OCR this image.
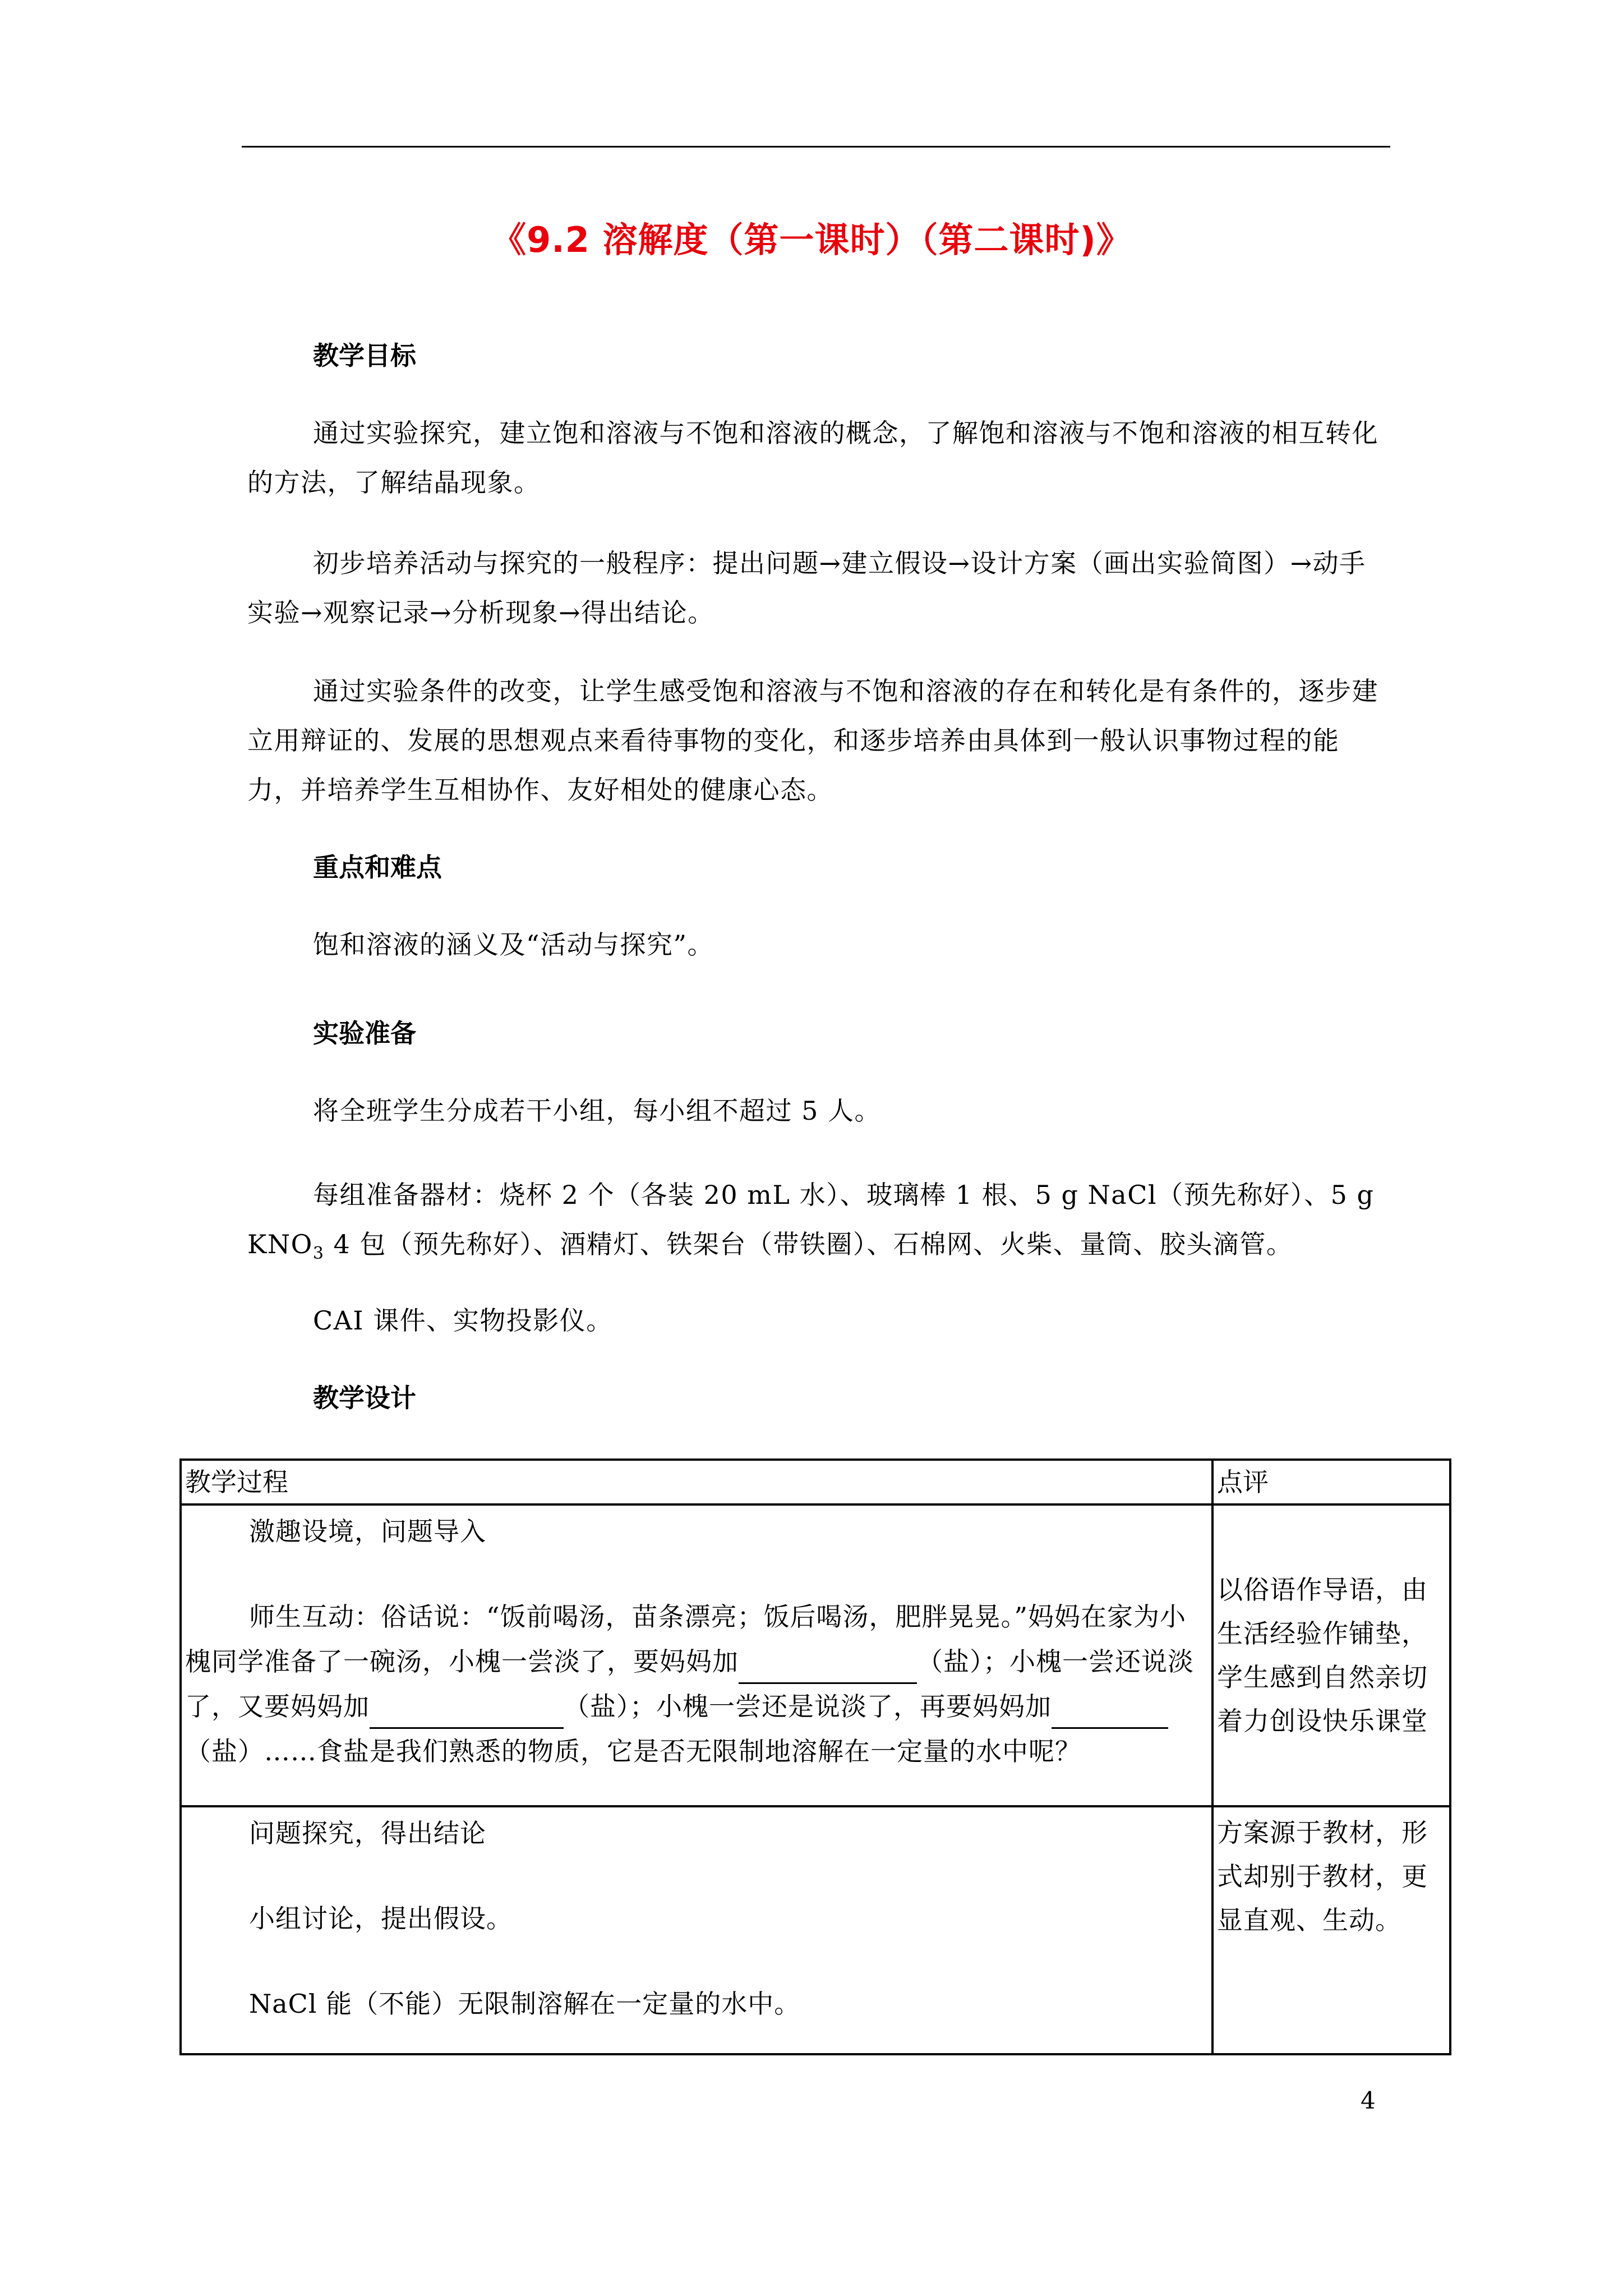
《9.2 溶解度（第一课时）（第二课时)》
教学目标
通过实验探究，建立饱和溶液与不饱和溶液的概念，了解饱和溶液与不饱和溶液的相互转化的方法，了解结晶现象。
初步培养活动与探究的一般程序：提出问题→建立假设→设计方案（画出实验简图）→动手实验→观察记录→分析现象→得出结论。
通过实验条件的改变，让学生感受饱和溶液与不饱和溶液的存在和转化是有条件的，逐步建立用辩证的、发展的思想观点来看待事物的变化，和逐步培养由具体到一般认识事物过程的能力，并培养学生互相协作、友好相处的健康心态。
重点和难点
饱和溶液的涵义及“活动与探究”。
实验准备
将全班学生分成若干小组，每小组不超过 5 人。
每组准备器材：烧杯 2 个（各装 20 mL 水）、玻璃棒 1 根、5 g NaCl（预先称好）、5 g $KNO_3$ 4 包（预先称好）、酒精灯、铁架台（带铁圈）、石棉网、火柴、量筒、胶头滴管。
CAI 课件、实物投影仪。
教学设计
教学过程	点评

激趣设境，问题导入

师生互动：俗话说：“饭前喝汤，苗条漂亮；饭后喝汤，肥胖晃晃。”妈妈在家为小槐同学准备了一碗汤，小槐一尝淡了，要妈妈加 （盐）；小槐一尝还说淡了，又要妈妈加 （盐）；小槐一尝还是说淡了，再要妈妈加（盐）……食盐是我们熟悉的物质，它是否无限制地溶解在一定量的水中呢？	以俗语作导语，由生活经验作铺垫，学生感到自然亲切着力创设快乐课堂

问题探究，得出结论

小组讨论，提出假设。

NaCl 能（不能）无限制溶解在一定量的水中。	方案源于教材，形式却别于教材，更显直观、生动。
4
